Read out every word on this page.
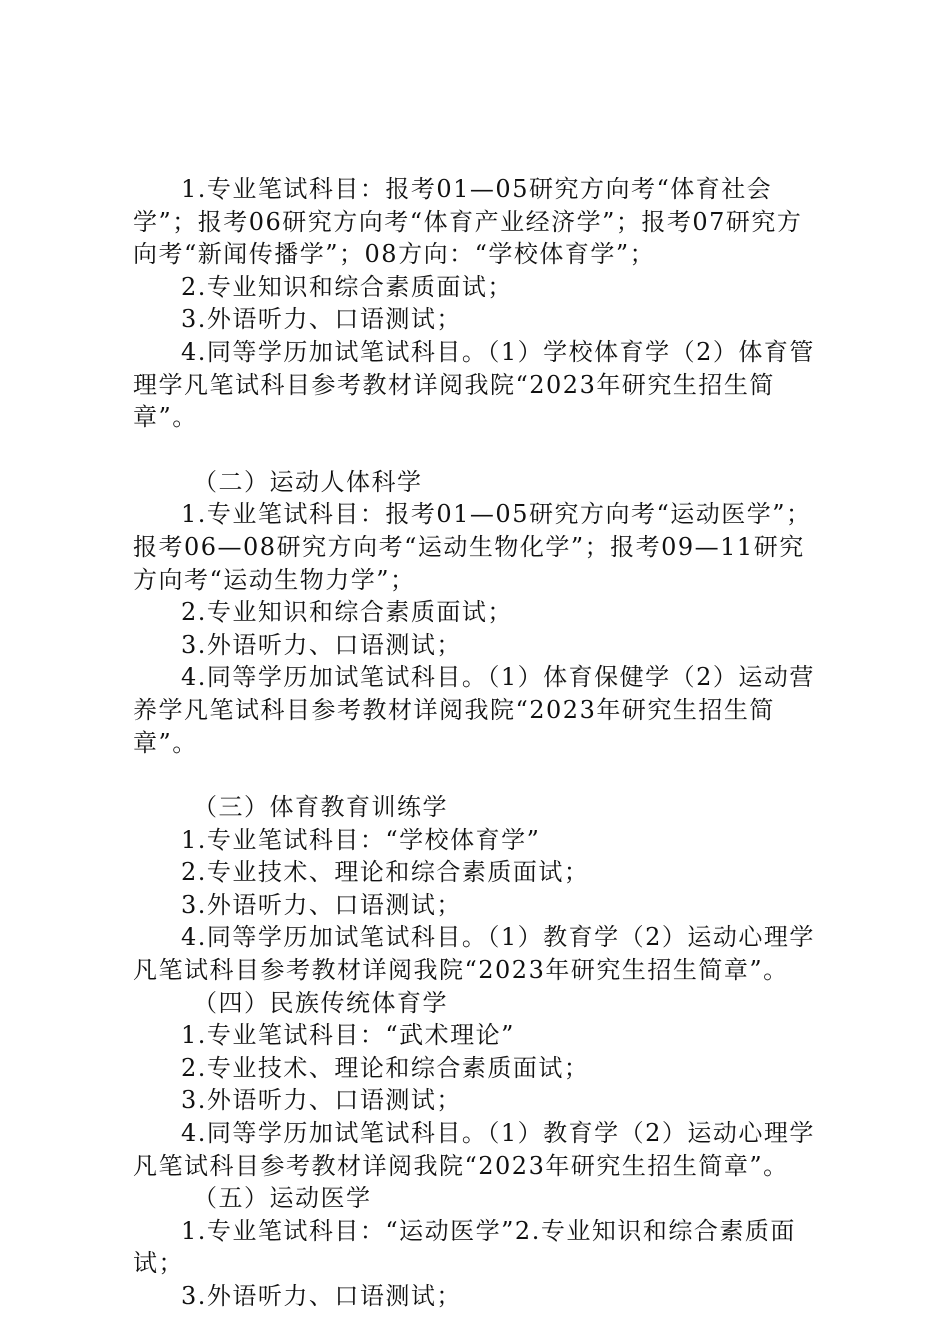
1.专业笔试科目：报考01—05研究方向考“体育社会学”；报考06研究方向考“体育产业经济学”；报考07研究方向考“新闻传播学”；08方向：“学校体育学”；

2.专业知识和综合素质面试；

3.外语听力、口语测试；

4.同等学历加试笔试科目。（1）学校体育学（2）体育管理学凡笔试科目参考教材详阅我院“2023年研究生招生简章”。

（二）运动人体科学

1.专业笔试科目：报考01—05研究方向考“运动医学”；报考06—08研究方向考“运动生物化学”；报考09—11研究方向考“运动生物力学”；

2.专业知识和综合素质面试；

3.外语听力、口语测试；

4.同等学历加试笔试科目。（1）体育保健学（2）运动营养学凡笔试科目参考教材详阅我院“2023年研究生招生简章”。

（三）体育教育训练学

1.专业笔试科目：“学校体育学”

2.专业技术、理论和综合素质面试；

3.外语听力、口语测试；

4.同等学历加试笔试科目。（1）教育学（2）运动心理学凡笔试科目参考教材详阅我院“2023年研究生招生简章”。

（四）民族传统体育学

1.专业笔试科目：“武术理论”

2.专业技术、理论和综合素质面试；

3.外语听力、口语测试；

4.同等学历加试笔试科目。（1）教育学（2）运动心理学凡笔试科目参考教材详阅我院“2023年研究生招生简章”。

（五）运动医学

1.专业笔试科目：“运动医学”2.专业知识和综合素质面试；

3.外语听力、口语测试；
